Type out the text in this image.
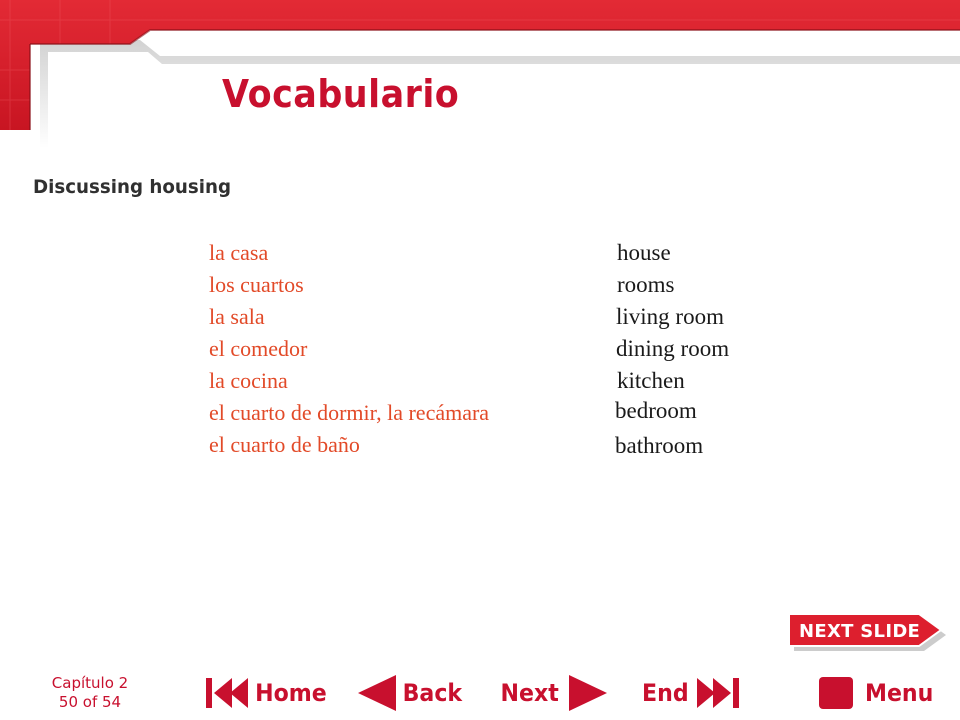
Vocabulario
Discussing housing
la casa	house
los cuartos	rooms
la sala	living room
el comedor	dining room
la cocina	kitchen
el cuarto de dormir, la recámara	bedroom
el cuarto de baño	bathroom
NEXT SLIDE
Capítulo 2
50 of 54	Home	Back Next	End	Menu
